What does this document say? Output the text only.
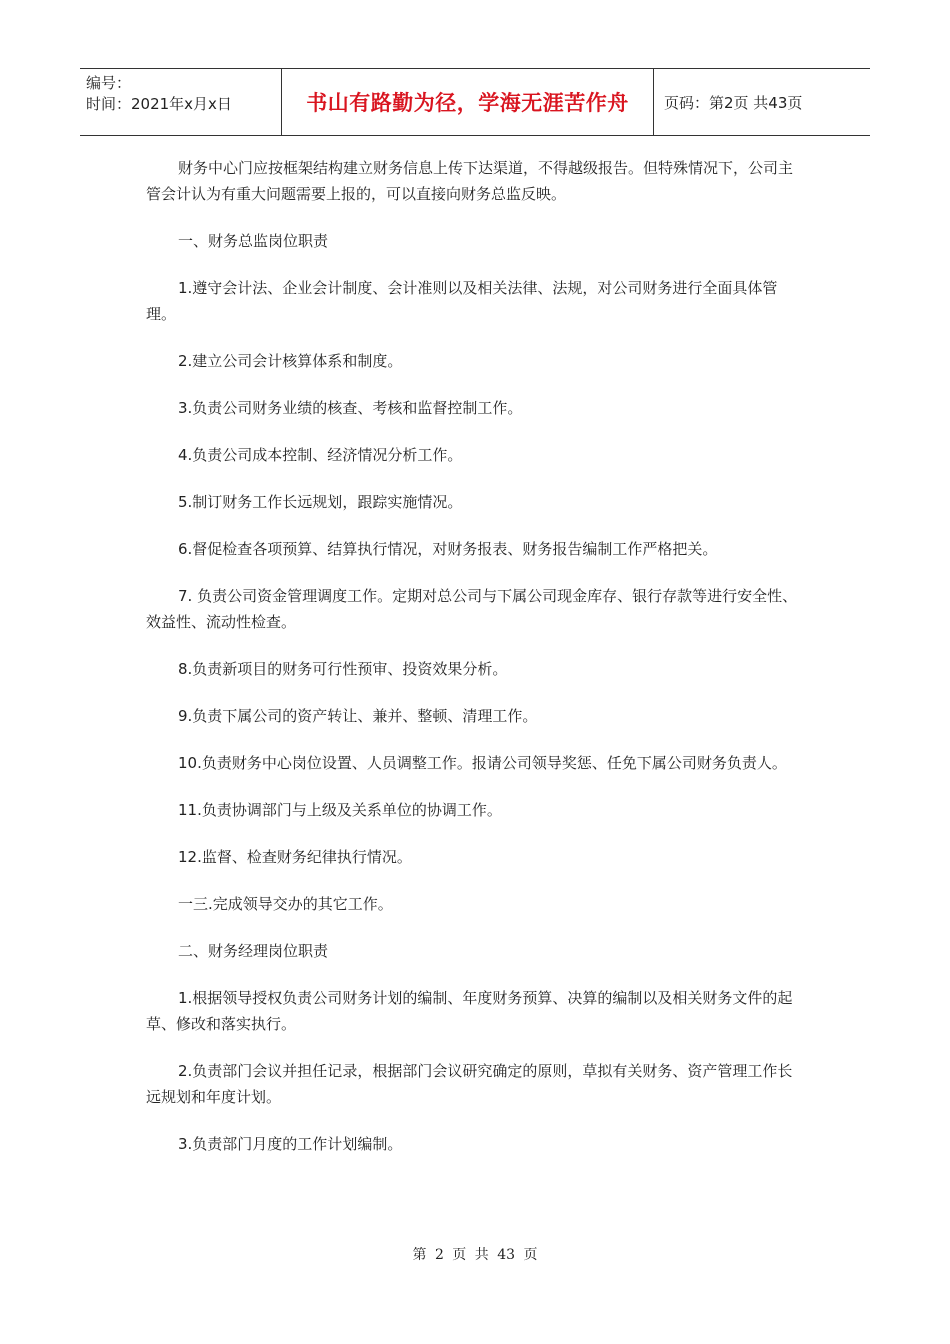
编号：
时间：2021年x月x日	书山有路勤为径，学海无涯苦作舟	页码：第2页 共43页

财务中心门应按框架结构建立财务信息上传下达渠道，不得越级报告。但特殊情况下，公司主管会计认为有重大问题需要上报的，可以直接向财务总监反映。

一、财务总监岗位职责

1.遵守会计法、企业会计制度、会计准则以及相关法律、法规，对公司财务进行全面具体管理。

2.建立公司会计核算体系和制度。

3.负责公司财务业绩的核查、考核和监督控制工作。

4.负责公司成本控制、经济情况分析工作。

5.制订财务工作长远规划，跟踪实施情况。

6.督促检查各项预算、结算执行情况，对财务报表、财务报告编制工作严格把关。

7. 负责公司资金管理调度工作。定期对总公司与下属公司现金库存、银行存款等进行安全性、效益性、流动性检查。

8.负责新项目的财务可行性预审、投资效果分析。

9.负责下属公司的资产转让、兼并、整顿、清理工作。

10.负责财务中心岗位设置、人员调整工作。报请公司领导奖惩、任免下属公司财务负责人。

11.负责协调部门与上级及关系单位的协调工作。

12.监督、检查财务纪律执行情况。

一三.完成领导交办的其它工作。

二、财务经理岗位职责

1.根据领导授权负责公司财务计划的编制、年度财务预算、决算的编制以及相关财务文件的起草、修改和落实执行。

2.负责部门会议并担任记录，根据部门会议研究确定的原则，草拟有关财务、资产管理工作长远规划和年度计划。

3.负责部门月度的工作计划编制。

第 2 页 共 43 页
